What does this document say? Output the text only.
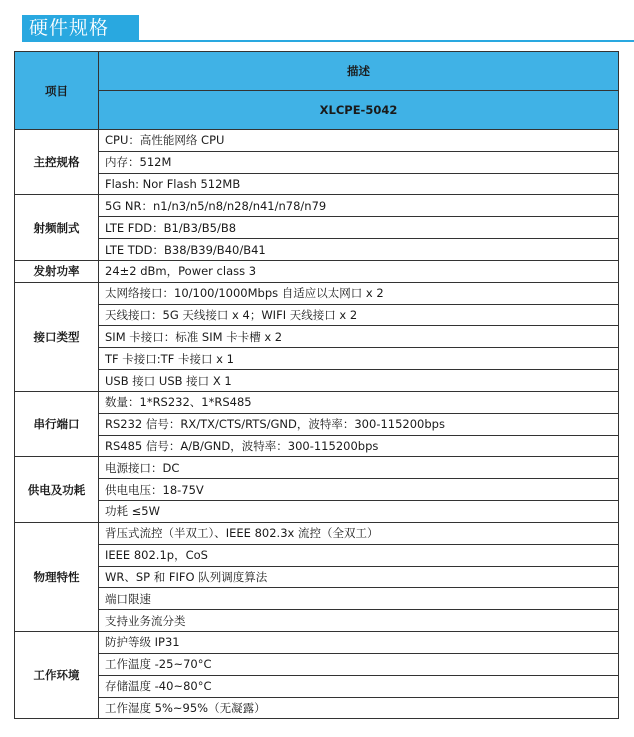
硬件规格
项目	描述
	XLCPE-5042
主控规格	CPU：高性能网络 CPU
	内存：512M
	Flash: Nor Flash 512MB
射频制式	5G NR：n1/n3/n5/n8/n28/n41/n78/n79
	LTE FDD：B1/B3/B5/B8
	LTE TDD：B38/B39/B40/B41
发射功率	24±2 dBm，Power class 3
接口类型	太网络接口：10/100/1000Mbps 自适应以太网口 x 2
	天线接口：5G 天线接口 x 4；WIFI 天线接口 x 2
	SIM 卡接口：标准 SIM 卡卡槽 x 2
	TF 卡接口:TF 卡接口 x 1
	USB 接口 USB 接口 X 1
串行端口	数量：1*RS232、1*RS485
	RS232 信号：RX/TX/CTS/RTS/GND，波特率：300-115200bps
	RS485 信号：A/B/GND，波特率：300-115200bps
供电及功耗	电源接口：DC
	供电电压：18-75V
	功耗 ≤5W
物理特性	背压式流控（半双工）、IEEE 802.3x 流控（全双工）
	IEEE 802.1p，CoS
	WR、SP 和 FIFO 队列调度算法
	端口限速
	支持业务流分类
工作环境	防护等级 IP31
	工作温度 -25~70°C
	存储温度 -40~80°C
	工作湿度 5%~95%（无凝露）
